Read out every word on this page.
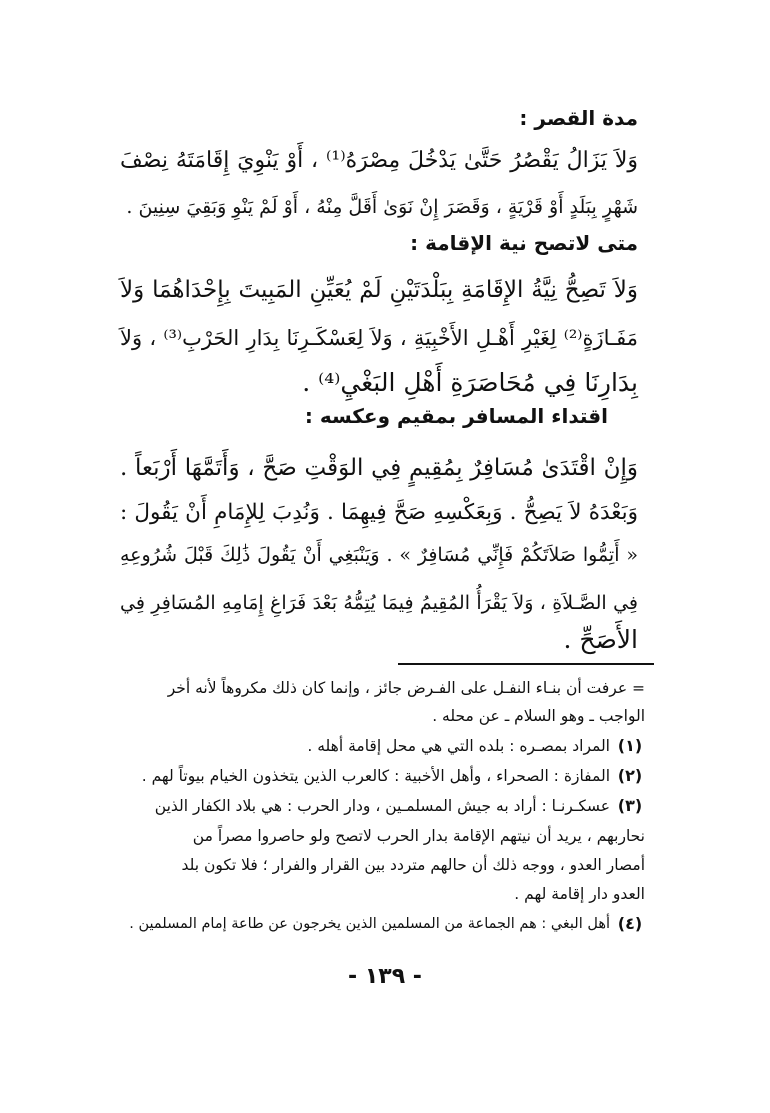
مدة القصر :
وَلاَ يَزَالُ يَقْصُرُ حَتَّىٰ يَدْخُلَ مِصْرَهُ⁽¹⁾ ، أَوْ يَنْوِيَ إِقَامَتَهُ نِصْفَ
شَهْرٍ بِبَلَدٍ أَوْ قَرْيَةٍ ، وَقَصَرَ إِنْ نَوَىٰ أَقَلَّ مِنْهُ ، أَوْ لَمْ يَنْوِ وَبَقِيَ سِنِينَ .
متى لاتصح نية الإقامة :
وَلاَ تَصِحُّ نِيَّةُ الإِقَامَةِ بِبَلْدَتَيْنِ لَمْ يُعَيِّنِ المَبِيتَ بِإِحْدَاهُمَا وَلاَ
مَفَـازَةٍ⁽²⁾ لِغَيْرِ أَهْـلِ الأَخْبِيَةِ ، وَلاَ لِعَسْكَـرِنَا بِدَارِ الحَرْبِ⁽³⁾ ، وَلاَ
بِدَارِنَا فِي مُحَاصَرَةِ أَهْلِ البَغْيِ⁽⁴⁾ .
اقتداء المسافر بمقيم وعكسه :
وَإِنْ اقْتَدَىٰ مُسَافِرٌ بِمُقِيمٍ فِي الوَقْتِ صَحَّ ، وَأَتَمَّهَا أَرْبَعاً .
وَبَعْدَهُ لاَ يَصِحُّ . وَبِعَكْسِهِ صَحَّ فِيهِمَا . وَنُدِبَ لِلإِمَامِ أَنْ يَقُولَ :
« أَتِمُّوا صَلاَتَكُمْ فَإِنِّي مُسَافِرٌ » . وَيَنْبَغِي أَنْ يَقُولَ ذَٰلِكَ قَبْلَ شُرُوعِهِ
فِي الصَّـلاَةِ ، وَلاَ يَقْرَأُ المُقِيمُ فِيمَا يُتِمُّهُ بَعْدَ فَرَاغِ إِمَامِهِ المُسَافِرِ فِي
الأَصَحِّ .
= عرفت أن بنـاء النفـل على الفـرض جائز ، وإنما كان ذلك مكروهاً لأنه أخر
الواجب ـ وهو السلام ـ عن محله .
(١)
المراد بمصـره : بلده التي هي محل إقامة أهله .
(٢)
المفازة : الصحراء ، وأهل الأخبية : كالعرب الذين يتخذون الخيام بيوتاً لهم .
(٣)
عسكـرنـا : أراد به جيش المسلمـين ، ودار الحرب : هي بلاد الكفار الذين
نحاربهم ، يريد أن نيتهم الإقامة بدار الحرب لاتصح ولو حاصروا مصراً من
أمصار العدو ، ووجه ذلك أن حالهم متردد بين القرار والفرار ؛ فلا تكون بلد
العدو دار إقامة لهم .
(٤)
أهل البغي : هم الجماعة من المسلمين الذين يخرجون عن طاعة إمام المسلمين .
- ١٣٩ -
